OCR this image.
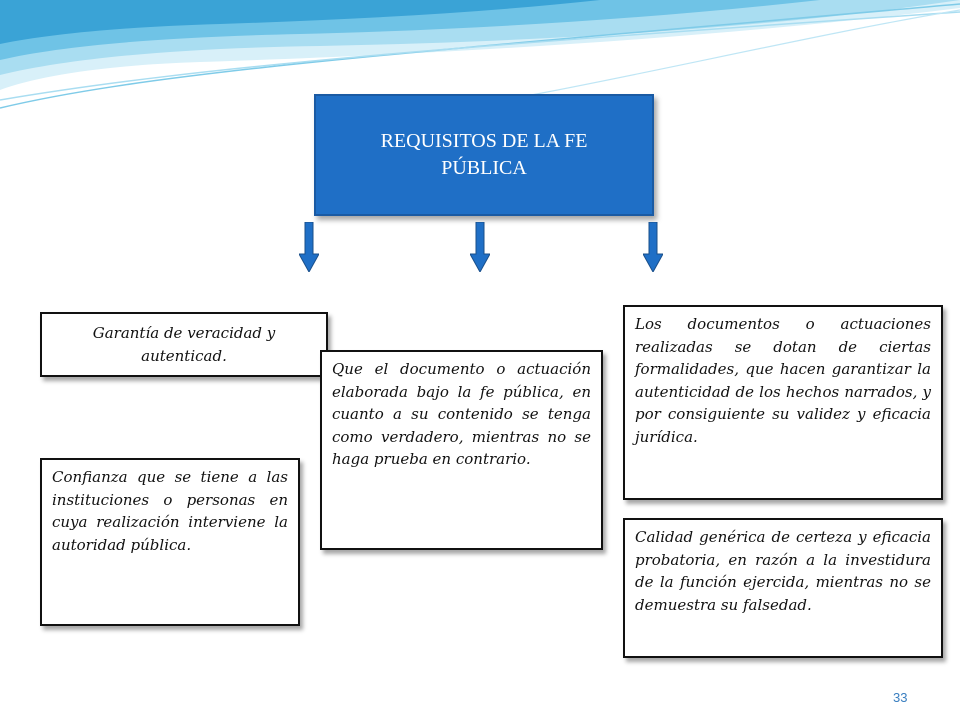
REQUISITOS DE LA FE PÚBLICA
Garantía de veracidad y autenticad.
Confianza que se tiene a las instituciones o personas en cuya realización interviene la autoridad pública.
Que el documento o actuación elaborada bajo la fe pública, en cuanto a su contenido se tenga como verdadero, mientras no se haga prueba en contrario.
Los documentos o actuaciones realizadas se dotan de ciertas formalidades, que hacen garantizar la autenticidad de los hechos narrados, y por consiguiente su validez y eficacia jurídica.
Calidad genérica de certeza y eficacia probatoria, en razón a la investidura de la función ejercida, mientras no se demuestra su falsedad.
33
